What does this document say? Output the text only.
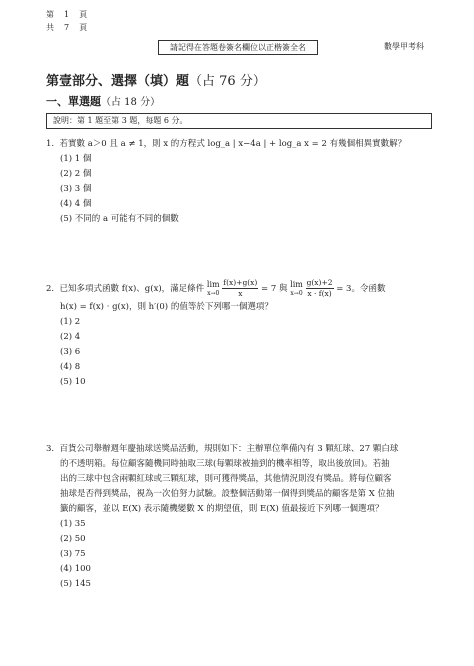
第　1　頁
共　7　頁
請記得在答題卷簽名欄位以正楷簽全名	數學甲考科
第壹部分、選擇（填）題（占 76 分）
一、單選題（占 18 分）
說明：第 1 題至第 3 題，每題 6 分。
1. 若實數 a＞0 且 a ≠ 1，則 x 的方程式 log_a | x−4a | + log_a x = 2 有幾個相異實數解？
(1) 1 個
(2) 2 個
(3) 3 個
(4) 4 個
(5) 不同的 a 可能有不同的個數
2. 已知多項式函數 f(x)、g(x)，滿足條件 lim
x→0
$\frac{f(x)+g(x)}{x} = 7$ 與 lim
x→0
$\frac{g(x)+2}{x \cdot f(x)} = 3$。令函數
h(x) = f(x) · g(x)，則 h′(0) 的值等於下列哪一個選項？
(1) 2
(2) 4
(3) 6
(4) 8
(5) 10
3. 百貨公司舉辦週年慶抽球送獎品活動，規則如下：主辦單位準備內有 3 顆紅球、27 顆白球
的不透明箱。每位顧客隨機同時抽取三球(每顆球被抽到的機率相等，取出後放回)。若抽
出的三球中包含兩顆紅球或三顆紅球，則可獲得獎品，其他情況則沒有獎品。將每位顧客
抽球是否得到獎品，視為一次伯努力試驗。設整個活動第一個得到獎品的顧客是第 X 位抽
籤的顧客，並以 E(X) 表示隨機變數 X 的期望值，則 E(X) 值最接近下列哪一個選項？
(1) 35
(2) 50
(3) 75
(4) 100
(5) 145
